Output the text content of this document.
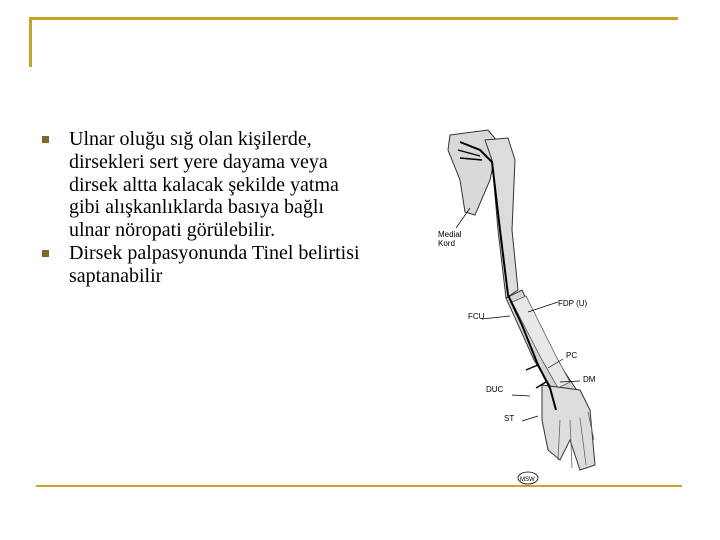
Ulnar oluğu sığ olan kişilerde, dirsekleri sert yere dayama veya dirsek altta kalacak şekilde yatma gibi alışkanlıklarda basıya bağlı ulnar nöropati görülebilir.
Dirsek palpasyonunda Tinel belirtisi saptanabilir
Medial
Kord
FCU
FDP (U)
PC
DM
DUC
ST
MSW
